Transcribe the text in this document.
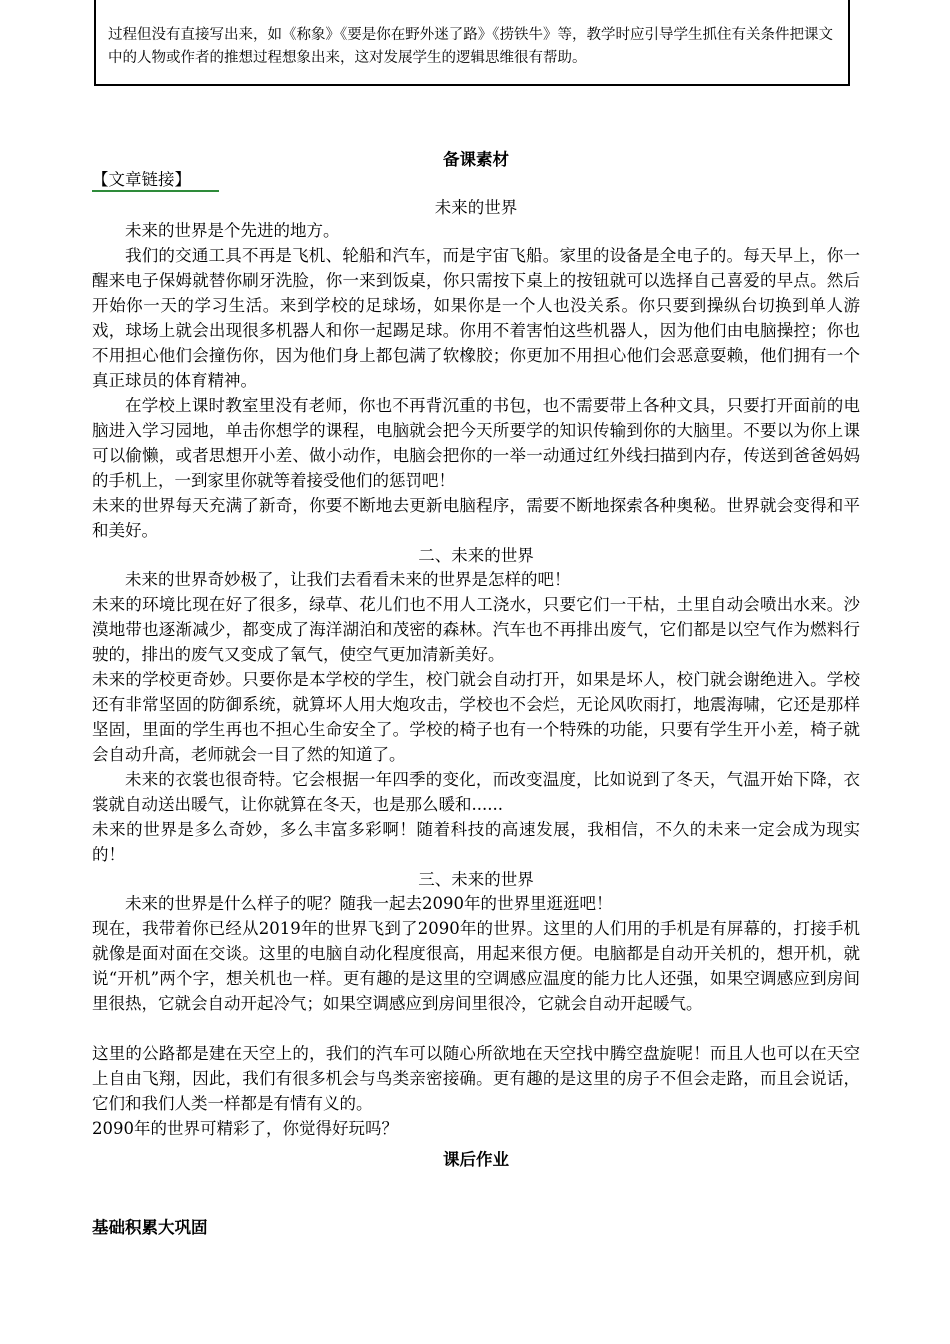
过程但没有直接写出来，如《称象》《要是你在野外迷了路》《捞铁牛》等，教学时应引导学生抓住有关条件把课文中的人物或作者的推想过程想象出来，这对发展学生的逻辑思维很有帮助。
备课素材
【文章链接】
未来的世界
未来的世界是个先进的地方。
我们的交通工具不再是飞机、轮船和汽车，而是宇宙飞船。家里的设备是全电子的。每天早上，你一醒来电子保姆就替你刷牙洗脸，你一来到饭桌，你只需按下桌上的按钮就可以选择自己喜爱的早点。然后开始你一天的学习生活。来到学校的足球场，如果你是一个人也没关系。你只要到操纵台切换到单人游戏，球场上就会出现很多机器人和你一起踢足球。你用不着害怕这些机器人，因为他们由电脑操控；你也不用担心他们会撞伤你，因为他们身上都包满了软橡胶；你更加不用担心他们会恶意耍赖，他们拥有一个真正球员的体育精神。
在学校上课时教室里没有老师，你也不再背沉重的书包，也不需要带上各种文具，只要打开面前的电脑进入学习园地，单击你想学的课程，电脑就会把今天所要学的知识传输到你的大脑里。不要以为你上课可以偷懒，或者思想开小差、做小动作，电脑会把你的一举一动通过红外线扫描到内存，传送到爸爸妈妈的手机上，一到家里你就等着接受他们的惩罚吧！
未来的世界每天充满了新奇，你要不断地去更新电脑程序，需要不断地探索各种奥秘。世界就会变得和平和美好。
二、未来的世界
未来的世界奇妙极了，让我们去看看未来的世界是怎样的吧！
未来的环境比现在好了很多，绿草、花儿们也不用人工浇水，只要它们一干枯，土里自动会喷出水来。沙漠地带也逐渐减少，都变成了海洋湖泊和茂密的森林。汽车也不再排出废气，它们都是以空气作为燃料行驶的，排出的废气又变成了氧气，使空气更加清新美好。
未来的学校更奇妙。只要你是本学校的学生，校门就会自动打开，如果是坏人，校门就会谢绝进入。学校还有非常坚固的防御系统，就算坏人用大炮攻击，学校也不会烂，无论风吹雨打，地震海啸，它还是那样坚固，里面的学生再也不担心生命安全了。学校的椅子也有一个特殊的功能，只要有学生开小差，椅子就会自动升高，老师就会一目了然的知道了。
未来的衣裳也很奇特。它会根据一年四季的变化，而改变温度，比如说到了冬天，气温开始下降，衣裳就自动送出暖气，让你就算在冬天，也是那么暖和......
未来的世界是多么奇妙，多么丰富多彩啊！随着科技的高速发展，我相信，不久的未来一定会成为现实的！
三、未来的世界
未来的世界是什么样子的呢？随我一起去2090年的世界里逛逛吧！
现在，我带着你已经从2019年的世界飞到了2090年的世界。这里的人们用的手机是有屏幕的，打接手机就像是面对面在交谈。这里的电脑自动化程度很高，用起来很方便。电脑都是自动开关机的，想开机，就说“开机”两个字，想关机也一样。更有趣的是这里的空调感应温度的能力比人还强，如果空调感应到房间里很热，它就会自动开起冷气；如果空调感应到房间里很冷，它就会自动开起暖气。
这里的公路都是建在天空上的，我们的汽车可以随心所欲地在天空找中腾空盘旋呢！而且人也可以在天空上自由飞翔，因此，我们有很多机会与鸟类亲密接确。更有趣的是这里的房子不但会走路，而且会说话，它们和我们人类一样都是有情有义的。
2090年的世界可精彩了，你觉得好玩吗？
课后作业
基础积累大巩固
